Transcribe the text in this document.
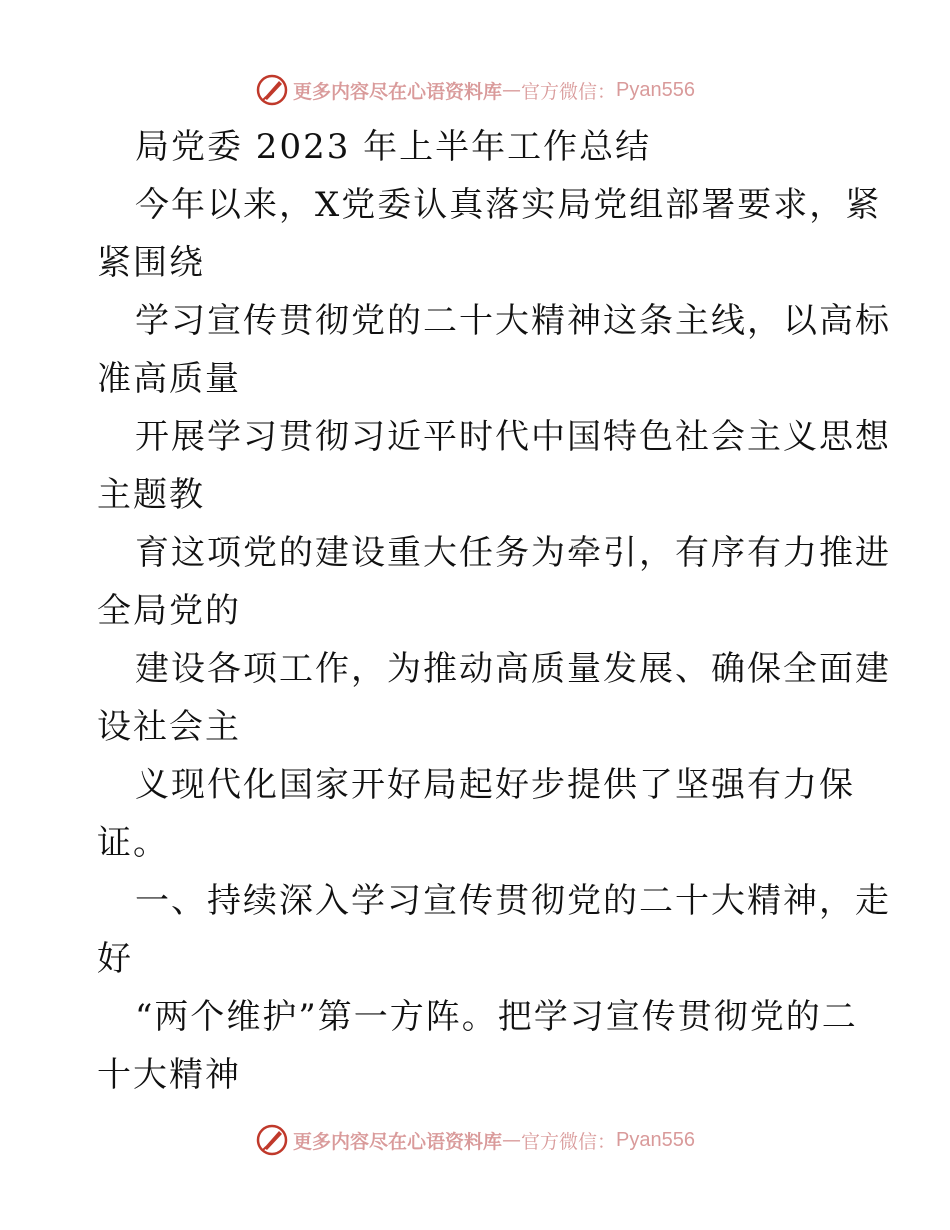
更多内容尽在心语资料库 — 官方微信： Pyan556
局党委 2023 年上半年工作总结
今年以来，X党委认真落实局党组部署要求，紧
紧围绕
学习宣传贯彻党的二十大精神这条主线，以高标
准高质量
开展学习贯彻习近平时代中国特色社会主义思想
主题教
育这项党的建设重大任务为牵引，有序有力推进
全局党的
建设各项工作，为推动高质量发展、确保全面建
设社会主
义现代化国家开好局起好步提供了坚强有力保
证。
一、持续深入学习宣传贯彻党的二十大精神，走
好
“两个维护”第一方阵。把学习宣传贯彻党的二
十大精神
更多内容尽在心语资料库 — 官方微信： Pyan556
